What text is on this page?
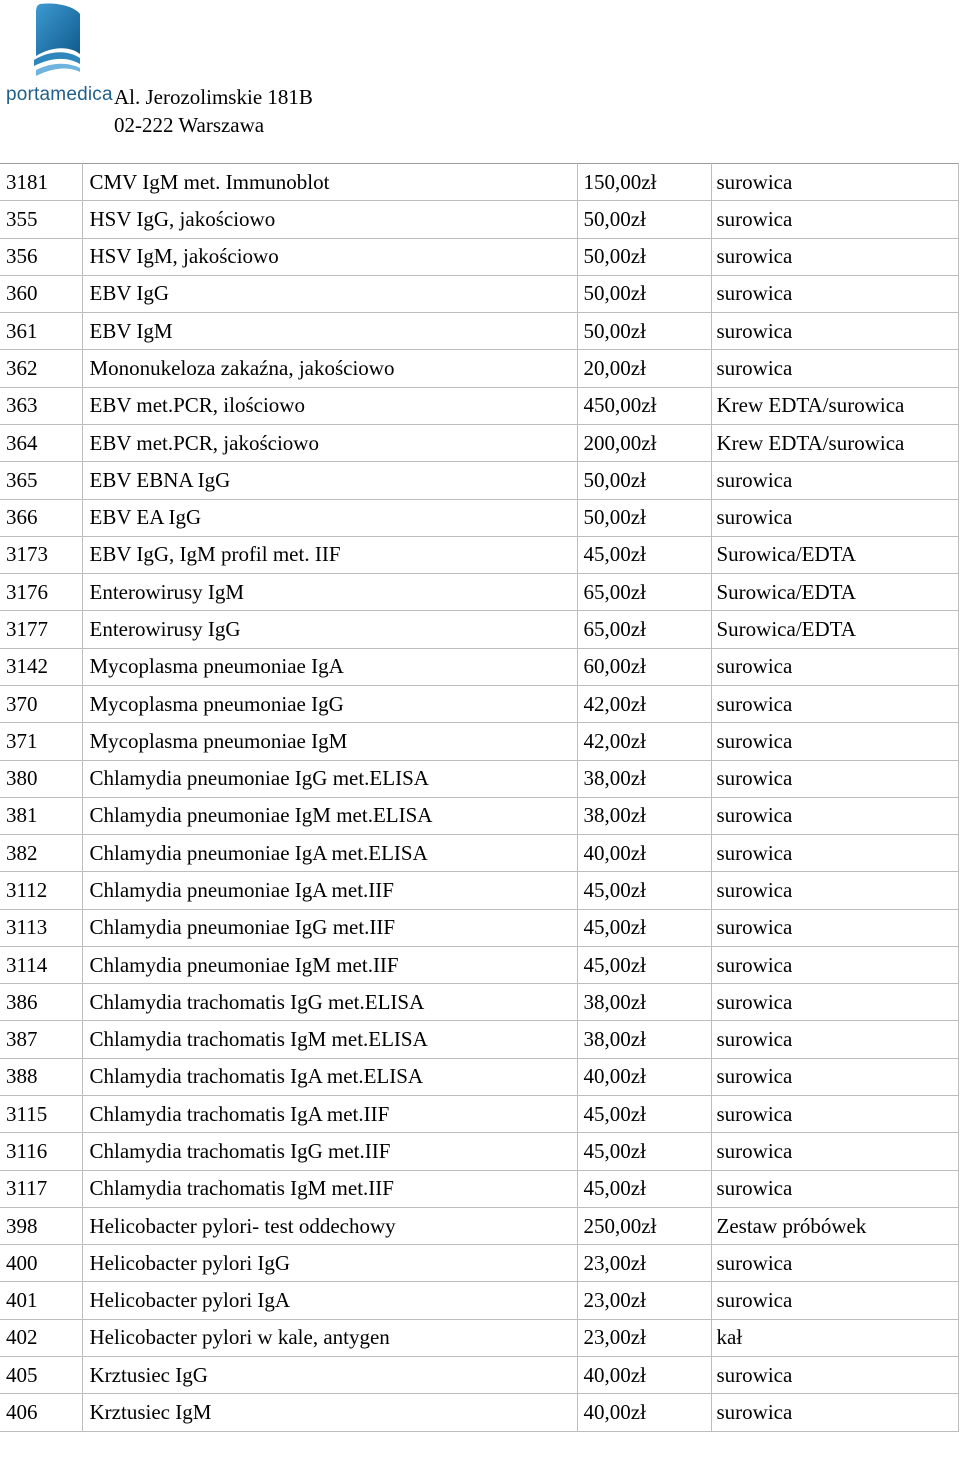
portamedica Al. Jerozolimskie 181B
02-222 Warszawa
3181	CMV IgM met. Immunoblot	150,00zł	surowica
355	HSV IgG, jakościowo	50,00zł	surowica
356	HSV IgM, jakościowo	50,00zł	surowica
360	EBV IgG	50,00zł	surowica
361	EBV IgM	50,00zł	surowica
362	Mononukeloza zakaźna, jakościowo	20,00zł	surowica
363	EBV met.PCR, ilościowo	450,00zł	Krew EDTA/surowica
364	EBV met.PCR, jakościowo	200,00zł	Krew EDTA/surowica
365	EBV EBNA IgG	50,00zł	surowica
366	EBV EA IgG	50,00zł	surowica
3173	EBV IgG, IgM profil met. IIF	45,00zł	Surowica/EDTA
3176	Enterowirusy IgM	65,00zł	Surowica/EDTA
3177	Enterowirusy IgG	65,00zł	Surowica/EDTA
3142	Mycoplasma pneumoniae IgA	60,00zł	surowica
370	Mycoplasma pneumoniae IgG	42,00zł	surowica
371	Mycoplasma pneumoniae IgM	42,00zł	surowica
380	Chlamydia pneumoniae IgG met.ELISA	38,00zł	surowica
381	Chlamydia pneumoniae IgM met.ELISA	38,00zł	surowica
382	Chlamydia pneumoniae IgA met.ELISA	40,00zł	surowica
3112	Chlamydia pneumoniae IgA met.IIF	45,00zł	surowica
3113	Chlamydia pneumoniae IgG met.IIF	45,00zł	surowica
3114	Chlamydia pneumoniae IgM met.IIF	45,00zł	surowica
386	Chlamydia trachomatis IgG met.ELISA	38,00zł	surowica
387	Chlamydia trachomatis IgM met.ELISA	38,00zł	surowica
388	Chlamydia trachomatis IgA met.ELISA	40,00zł	surowica
3115	Chlamydia trachomatis IgA met.IIF	45,00zł	surowica
3116	Chlamydia trachomatis IgG met.IIF	45,00zł	surowica
3117	Chlamydia trachomatis IgM met.IIF	45,00zł	surowica
398	Helicobacter pylori- test oddechowy	250,00zł	Zestaw próbówek
400	Helicobacter pylori IgG	23,00zł	surowica
401	Helicobacter pylori IgA	23,00zł	surowica
402	Helicobacter pylori w kale, antygen	23,00zł	kał
405	Krztusiec IgG	40,00zł	surowica
406	Krztusiec IgM	40,00zł	surowica
